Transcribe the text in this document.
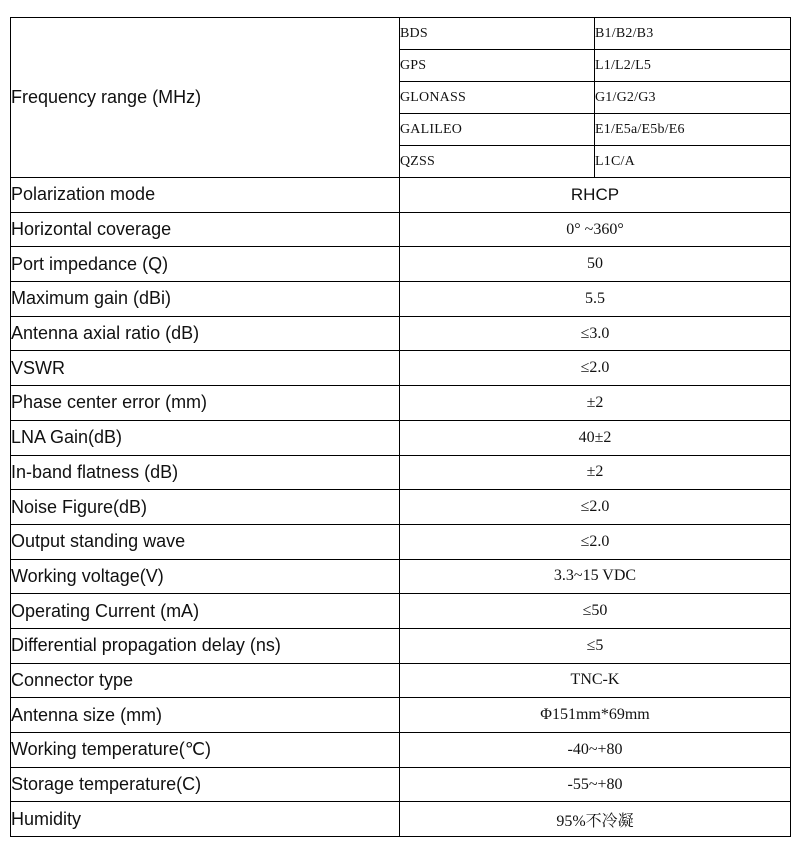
Frequency range (MHz)	BDS	B1/B2/B3
	GPS	L1/L2/L5
	GLONASS	G1/G2/G3
	GALILEO	E1/E5a/E5b/E6
	QZSS	L1C/A
Polarization mode	RHCP	
Horizontal coverage	0° ~360°	
Port impedance (Q)	50	
Maximum gain (dBi)	5.5	
Antenna axial ratio (dB)	≤3.0	
VSWR	≤2.0	
Phase center error (mm)	±2	
LNA Gain(dB)	40±2	
In-band flatness (dB)	±2	
Noise Figure(dB)	≤2.0	
Output standing wave	≤2.0	
Working voltage(V)	3.3~15 VDC	
Operating Current (mA)	≤50	
Differential propagation delay (ns)	≤5	
Connector type	TNC-K	
Antenna size (mm)	Φ151mm*69mm	
Working temperature(℃)	-40~+80	
Storage temperature(C)	-55~+80	
Humidity	95%不冷凝	
